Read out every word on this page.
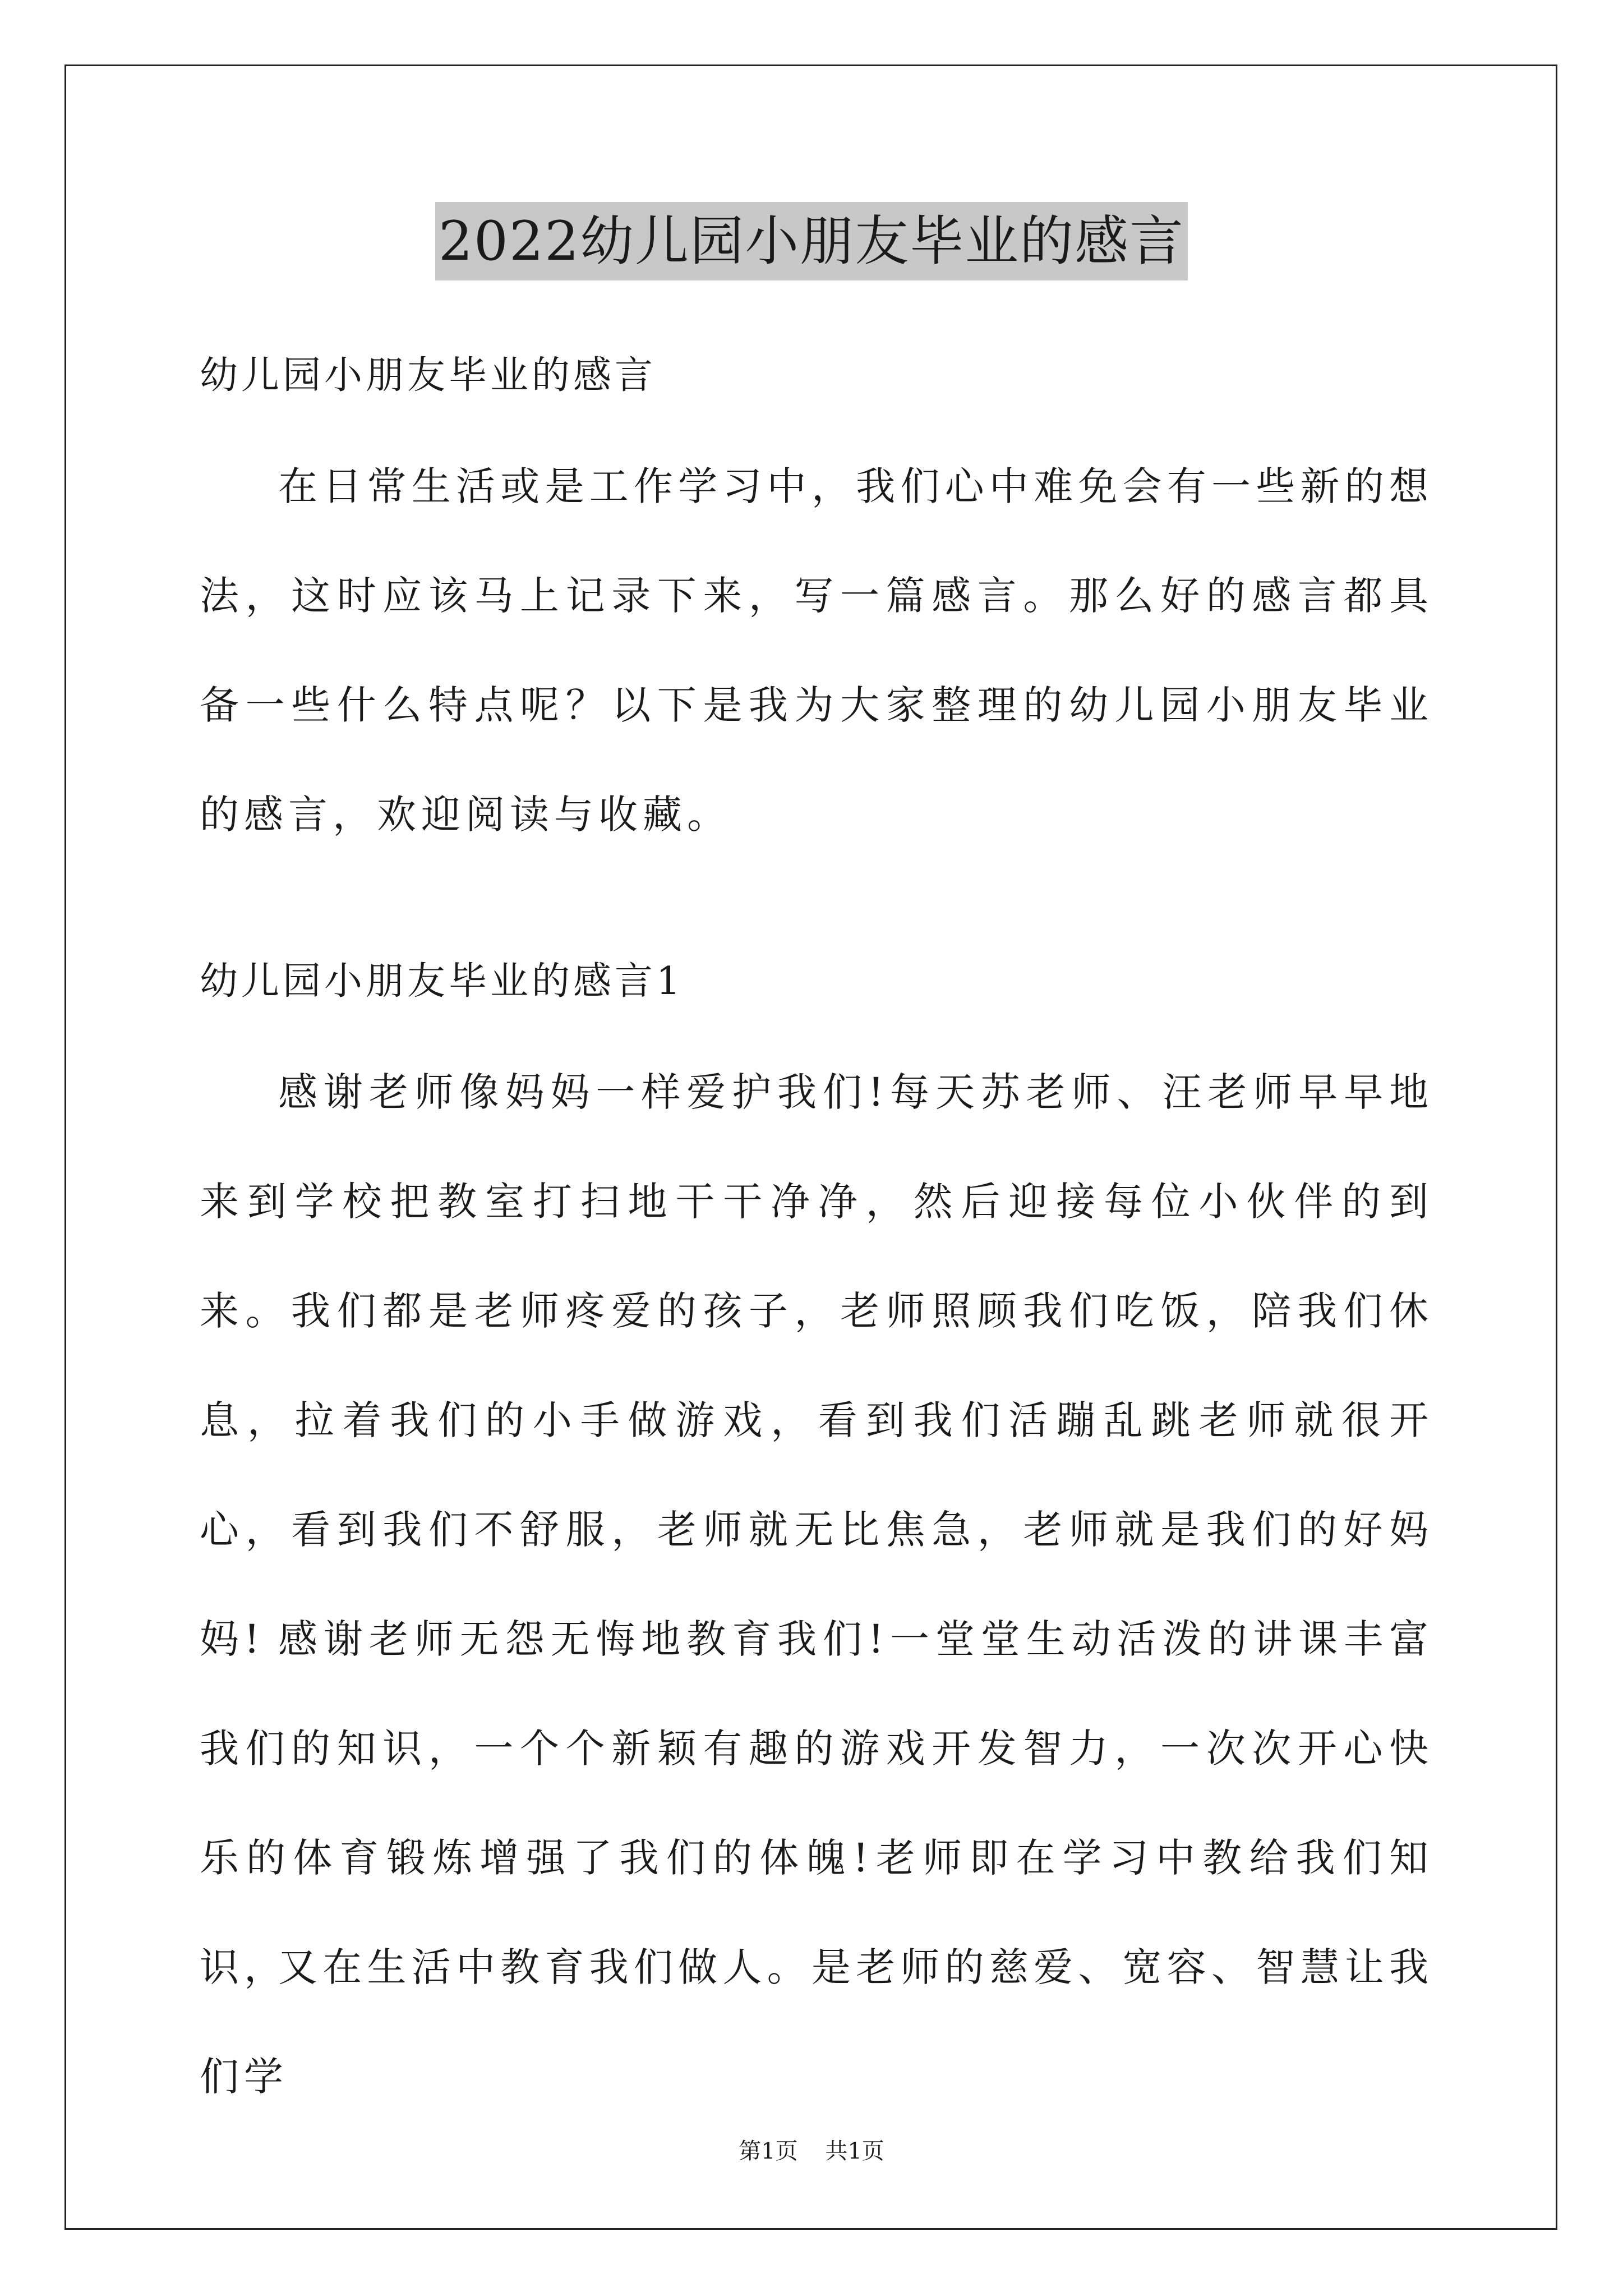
2022幼儿园小朋友毕业的感言
幼儿园小朋友毕业的感言
在日常生活或是工作学习中，我们心中难免会有一些新的想法，这时应该马上记录下来，写一篇感言。那么好的感言都具备一些什么特点呢？以下是我为大家整理的幼儿园小朋友毕业的感言，欢迎阅读与收藏。
幼儿园小朋友毕业的感言1
感谢老师像妈妈一样爱护我们!每天苏老师、汪老师早早地来到学校把教室打扫地干干净净，然后迎接每位小伙伴的到来。我们都是老师疼爱的孩子，老师照顾我们吃饭，陪我们休息，拉着我们的小手做游戏，看到我们活蹦乱跳老师就很开心，看到我们不舒服，老师就无比焦急，老师就是我们的好妈妈! 感谢老师无怨无悔地教育我们!一堂堂生动活泼的讲课丰富我们的知识，一个个新颖有趣的游戏开发智力，一次次开心快乐的体育锻炼增强了我们的体魄!老师即在学习中教给我们知识，
又在生活中教育我们做人。是老师的慈爱、宽容、智慧让我们学
第1页 共1页
